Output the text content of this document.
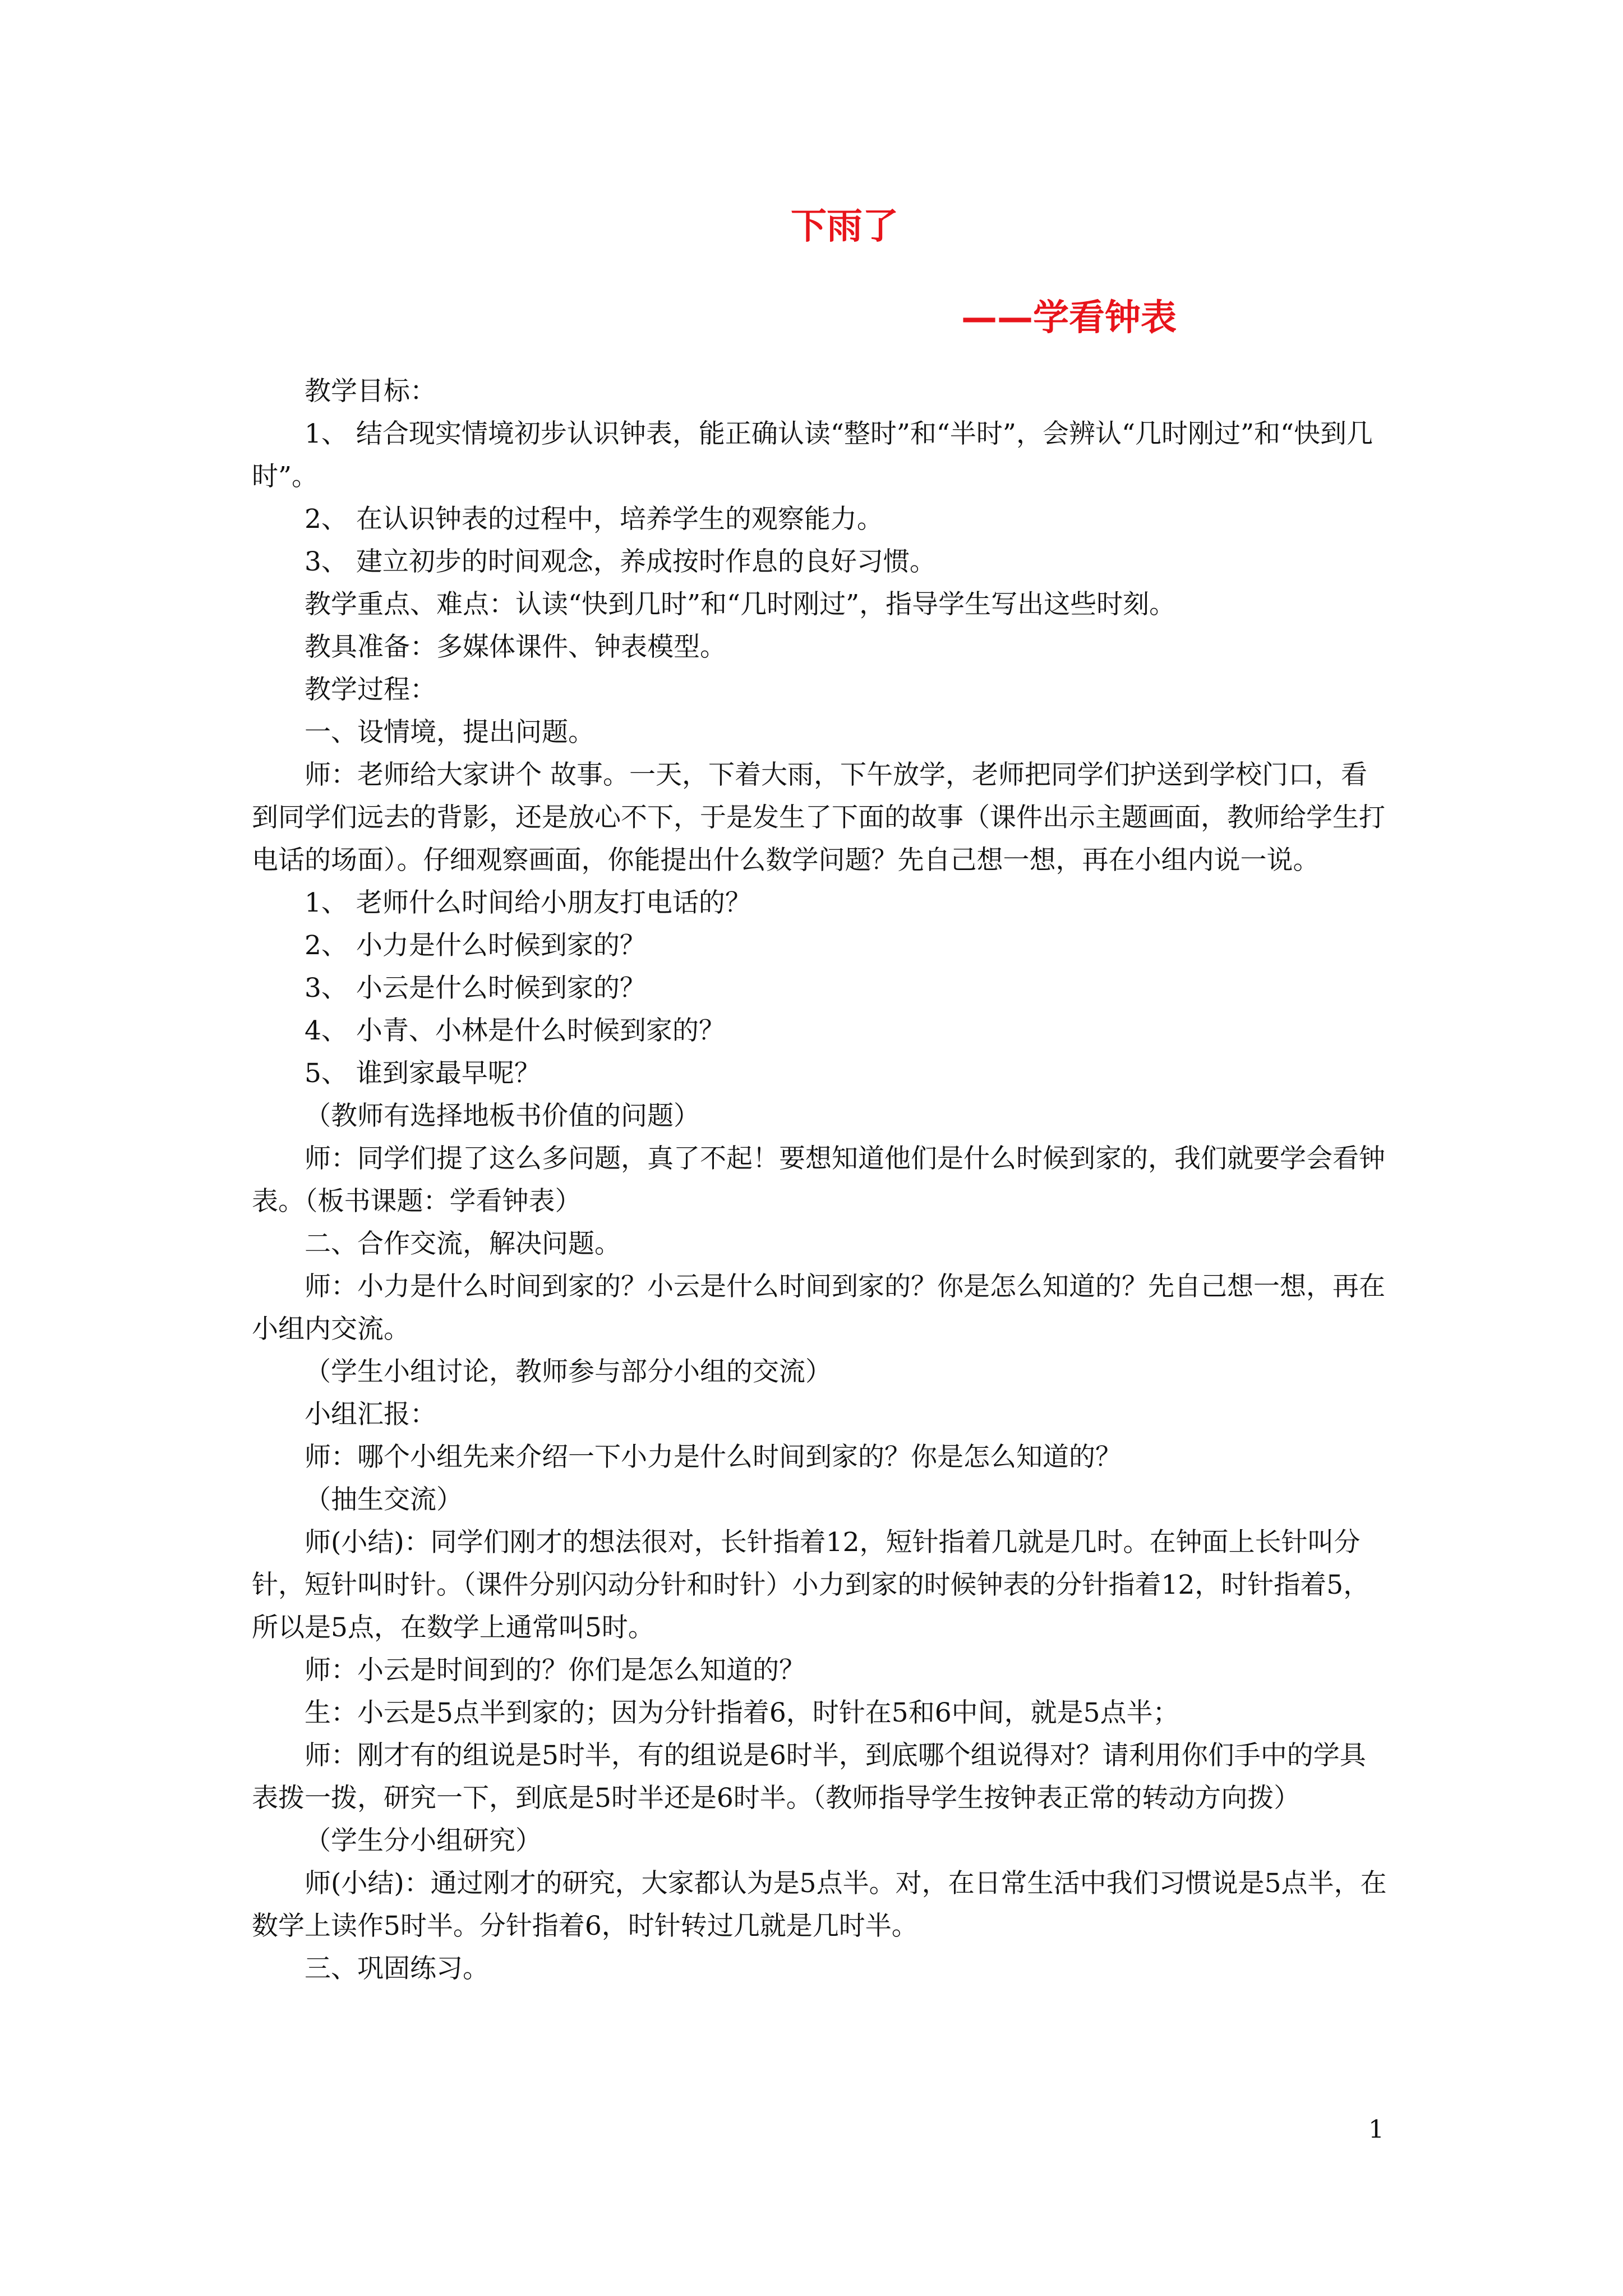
下雨了
——学看钟表

教学目标：

1、 结合现实情境初步认识钟表，能正确认读“整时”和“半时”，会辨认“几时刚过”和“快到几时”。

2、 在认识钟表的过程中，培养学生的观察能力。

3、 建立初步的时间观念，养成按时作息的良好习惯。

教学重点、难点：认读“快到几时”和“几时刚过”，指导学生写出这些时刻。

教具准备：多媒体课件、钟表模型。

教学过程：

一、设情境，提出问题。

师：老师给大家讲个 故事。一天，下着大雨，下午放学，老师把同学们护送到学校门口，看到同学们远去的背影，还是放心不下，于是发生了下面的故事（课件出示主题画面，教师给学生打电话的场面）。仔细观察画面，你能提出什么数学问题？先自己想一想，再在小组内说一说。

1、 老师什么时间给小朋友打电话的？

2、 小力是什么时候到家的？

3、 小云是什么时候到家的？

4、 小青、小林是什么时候到家的？

5、 谁到家最早呢？

（教师有选择地板书价值的问题）

师：同学们提了这么多问题，真了不起！要想知道他们是什么时候到家的，我们就要学会看钟表。（板书课题：学看钟表）

二、合作交流，解决问题。

师：小力是什么时间到家的？小云是什么时间到家的？你是怎么知道的？先自己想一想，再在小组内交流。

（学生小组讨论，教师参与部分小组的交流）

小组汇报：

师：哪个小组先来介绍一下小力是什么时间到家的？你是怎么知道的？

（抽生交流）

师(小结)：同学们刚才的想法很对，长针指着12，短针指着几就是几时。在钟面上长针叫分针，短针叫时针。（课件分别闪动分针和时针）小力到家的时候钟表的分针指着12，时针指着5，所以是5点，在数学上通常叫5时。

师：小云是时间到的？你们是怎么知道的？

生：小云是5点半到家的；因为分针指着6，时针在5和6中间，就是5点半；

师：刚才有的组说是5时半，有的组说是6时半，到底哪个组说得对？请利用你们手中的学具表拨一拨，研究一下，到底是5时半还是6时半。（教师指导学生按钟表正常的转动方向拨）

（学生分小组研究）

师(小结)：通过刚才的研究，大家都认为是5点半。对，在日常生活中我们习惯说是5点半，在数学上读作5时半。分针指着6，时针转过几就是几时半。

三、巩固练习。

1
